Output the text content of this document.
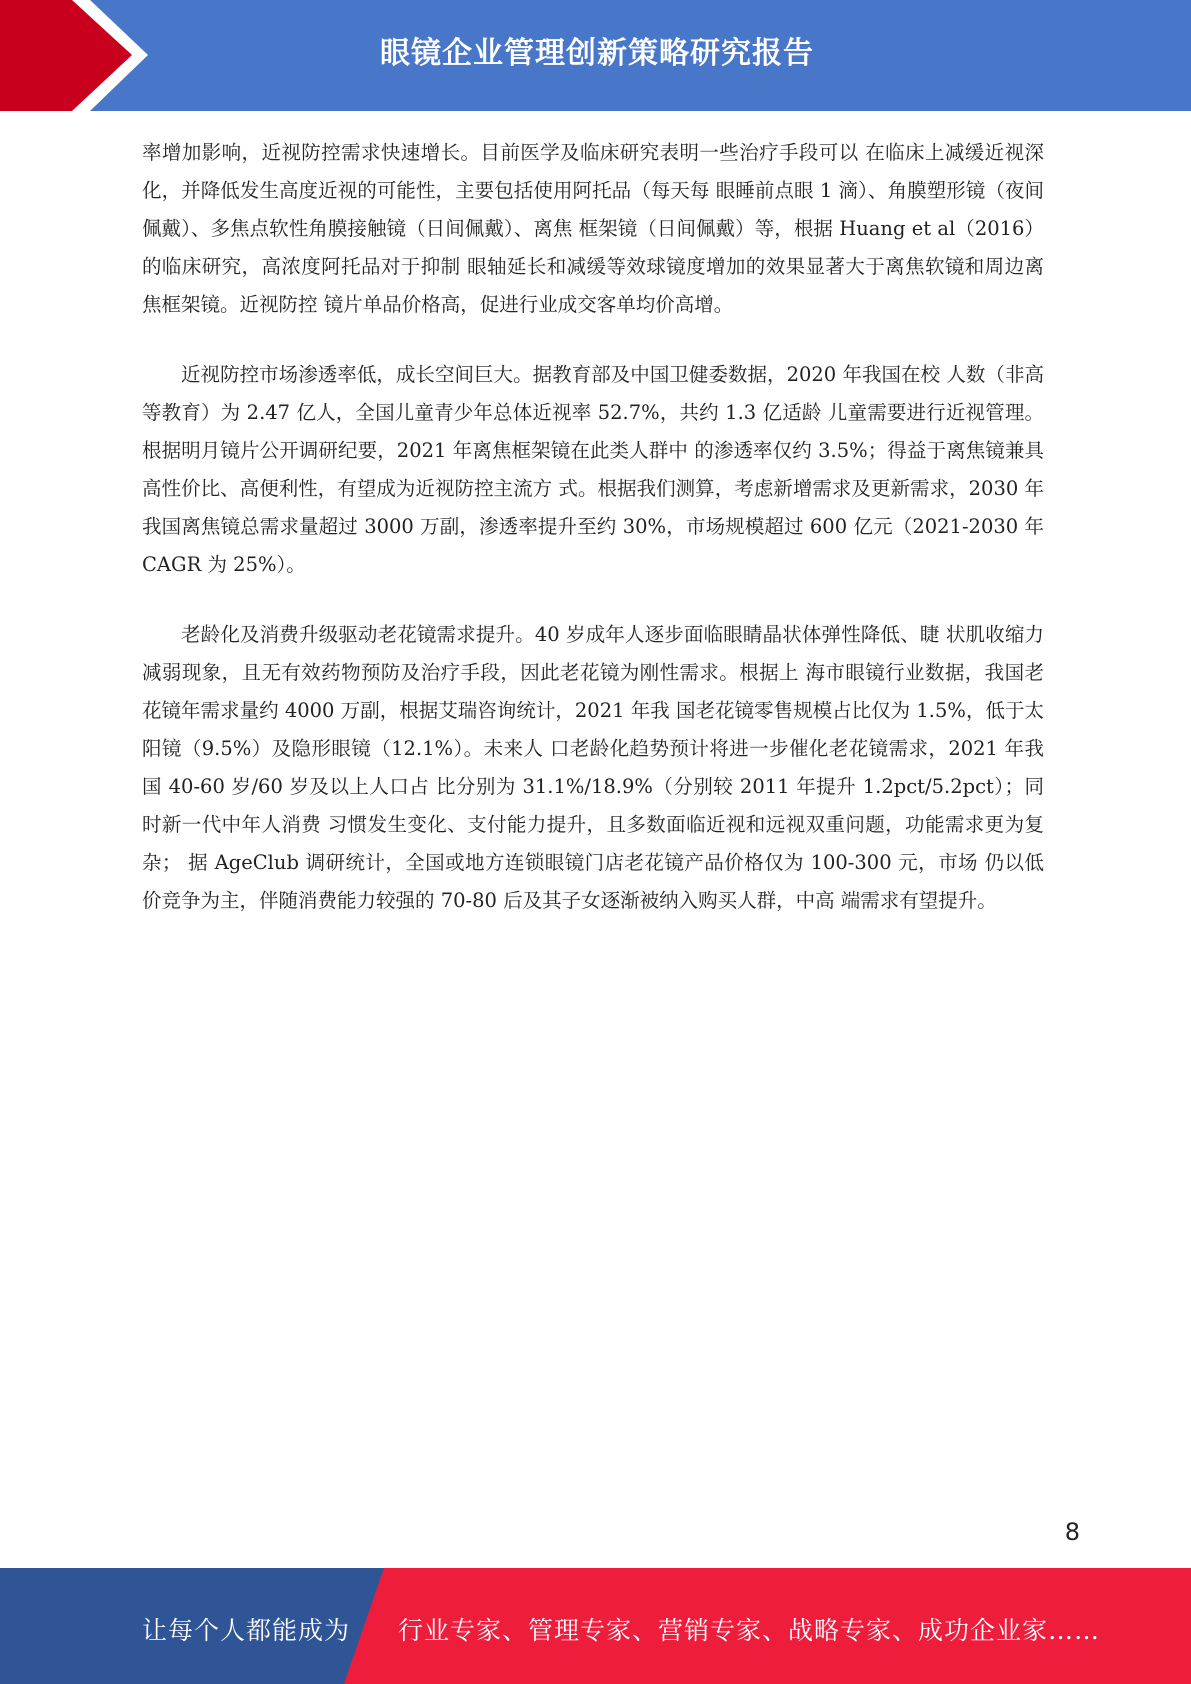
眼镜企业管理创新策略研究报告

率增加影响，近视防控需求快速增长。目前医学及临床研究表明一些治疗手段可以 在临床上减缓近视深化，并降低发生高度近视的可能性，主要包括使用阿托品（每天每 眼睡前点眼 1 滴）、角膜塑形镜（夜间佩戴）、多焦点软性角膜接触镜（日间佩戴）、离焦 框架镜（日间佩戴）等，根据 Huang et al（2016）的临床研究，高浓度阿托品对于抑制 眼轴延长和减缓等效球镜度增加的效果显著大于离焦软镜和周边离焦框架镜。近视防控 镜片单品价格高，促进行业成交客单均价高增。

近视防控市场渗透率低，成长空间巨大。据教育部及中国卫健委数据，2020 年我国在校 人数（非高等教育）为 2.47 亿人，全国儿童青少年总体近视率 52.7%，共约 1.3 亿适龄 儿童需要进行近视管理。根据明月镜片公开调研纪要，2021 年离焦框架镜在此类人群中 的渗透率仅约 3.5%；得益于离焦镜兼具高性价比、高便利性，有望成为近视防控主流方 式。根据我们测算，考虑新增需求及更新需求，2030 年我国离焦镜总需求量超过 3000 万副，渗透率提升至约 30%，市场规模超过 600 亿元（2021-2030 年 CAGR 为 25%）。

老龄化及消费升级驱动老花镜需求提升。40 岁成年人逐步面临眼睛晶状体弹性降低、睫 状肌收缩力减弱现象，且无有效药物预防及治疗手段，因此老花镜为刚性需求。根据上 海市眼镜行业数据，我国老花镜年需求量约 4000 万副，根据艾瑞咨询统计，2021 年我 国老花镜零售规模占比仅为 1.5%，低于太阳镜（9.5%）及隐形眼镜（12.1%）。未来人 口老龄化趋势预计将进一步催化老花镜需求，2021 年我国 40-60 岁/60 岁及以上人口占 比分别为 31.1%/18.9%（分别较 2011 年提升 1.2pct/5.2pct）；同时新一代中年人消费 习惯发生变化、支付能力提升，且多数面临近视和远视双重问题，功能需求更为复杂； 据 AgeClub 调研统计，全国或地方连锁眼镜门店老花镜产品价格仅为 100-300 元，市场 仍以低价竞争为主，伴随消费能力较强的 70-80 后及其子女逐渐被纳入购买人群，中高 端需求有望提升。

8
让每个人都能成为 行业专家、管理专家、营销专家、战略专家、成功企业家……
